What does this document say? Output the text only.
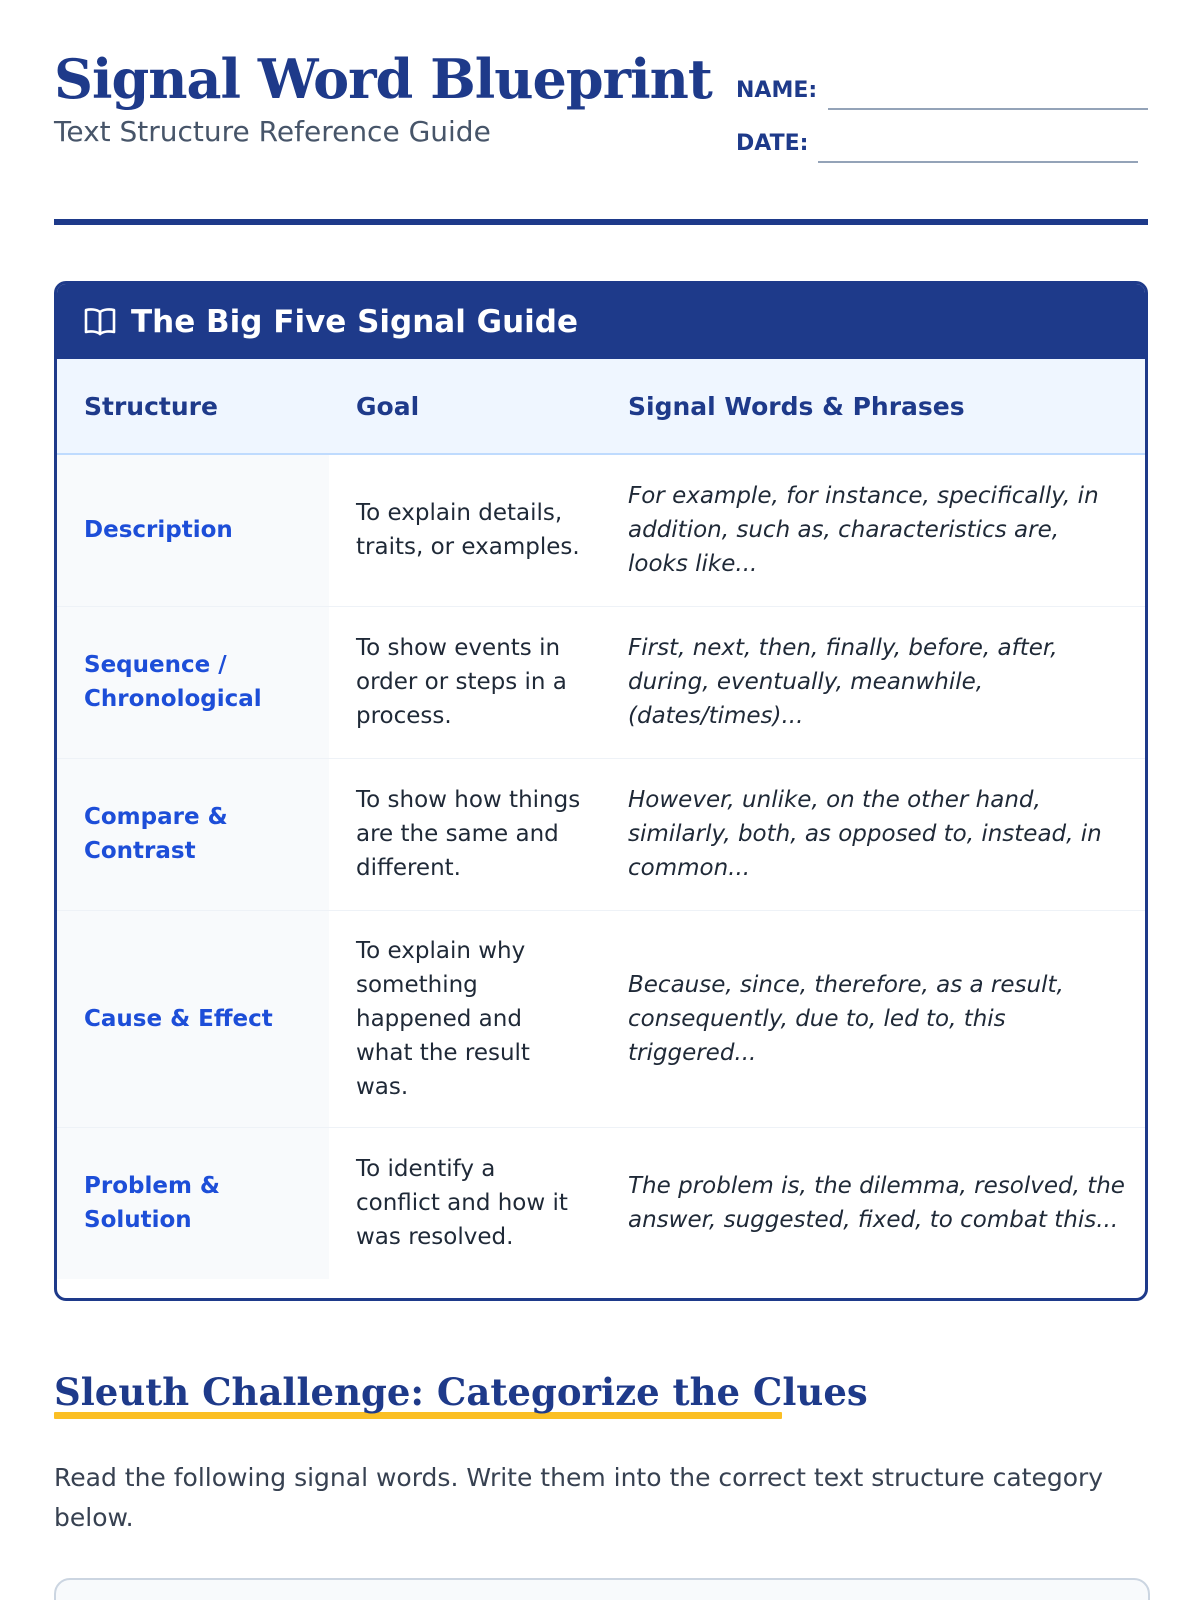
Signal Word Blueprint
Text Structure Reference Guide
NAME:
DATE:
The Big Five Signal Guide
Structure	Goal	Signal Words & Phrases
Description	To explain details, traits, or examples.	For example, for instance, specifically, in addition, such as, characteristics are, looks like...
Sequence / Chronological	To show events in order or steps in a process.	First, next, then, finally, before, after, during, eventually, meanwhile, (dates/times)...
Compare & Contrast	To show how things are the same and different.	However, unlike, on the other hand, similarly, both, as opposed to, instead, in common...
Cause & Effect	To explain why something happened and what the result was.	Because, since, therefore, as a result, consequently, due to, led to, this triggered...
Problem & Solution	To identify a conflict and how it was resolved.	The problem is, the dilemma, resolved, the answer, suggested, fixed, to combat this...
Sleuth Challenge: Categorize the Clues

Read the following signal words. Write them into the correct text structure category below.
